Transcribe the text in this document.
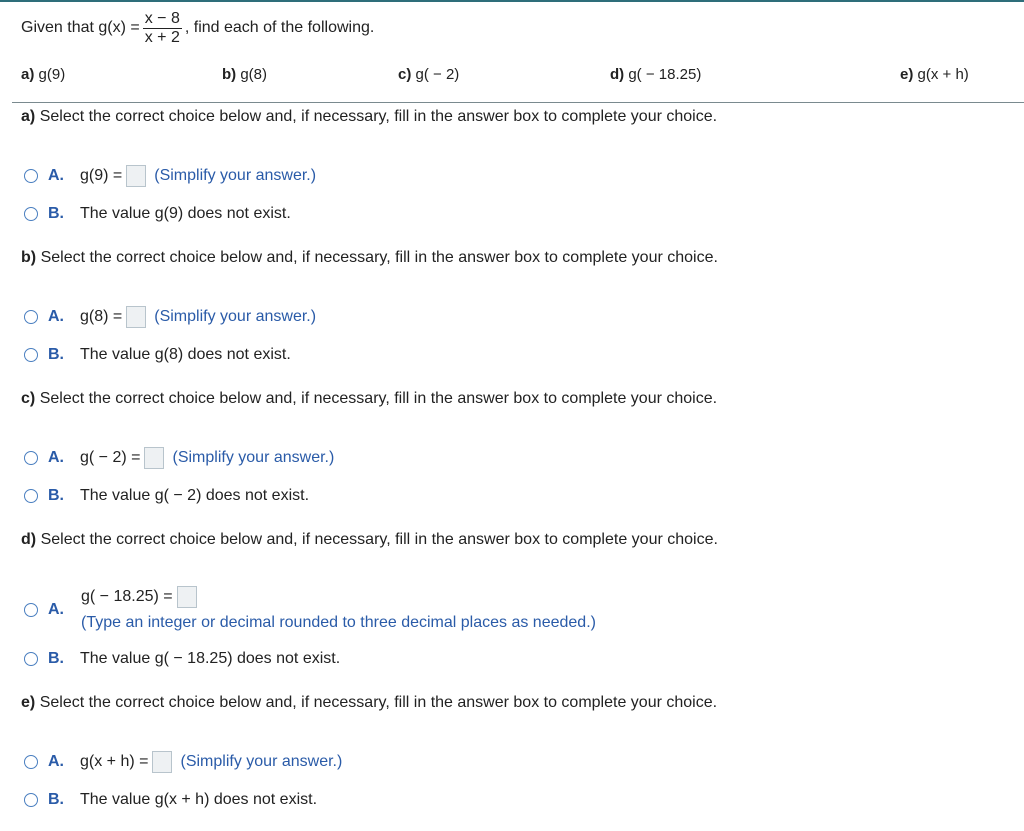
Given that $g(x) = \frac{x - 8}{x + 2}$ , find each of the following.
a) g(9)	b) g(8)	c) g( − 2)	d) g( − 18.25)	e) g(x + h)
a) Select the correct choice below and, if necessary, fill in the answer box to complete your choice.
A.	g(9) = (Simplify your answer.)
B.	The value g(9) does not exist.
b) Select the correct choice below and, if necessary, fill in the answer box to complete your choice.
A.	g(8) = (Simplify your answer.)
B.	The value g(8) does not exist.
c) Select the correct choice below and, if necessary, fill in the answer box to complete your choice.
A.	g( − 2) = (Simplify your answer.)
B.	The value g( − 2) does not exist.
d) Select the correct choice below and, if necessary, fill in the answer box to complete your choice.
A.
g( − 18.25) =
(Type an integer or decimal rounded to three decimal places as needed.)
B.	The value g( − 18.25) does not exist.
e) Select the correct choice below and, if necessary, fill in the answer box to complete your choice.
A.	g(x + h) = (Simplify your answer.)
B.	The value g(x + h) does not exist.
